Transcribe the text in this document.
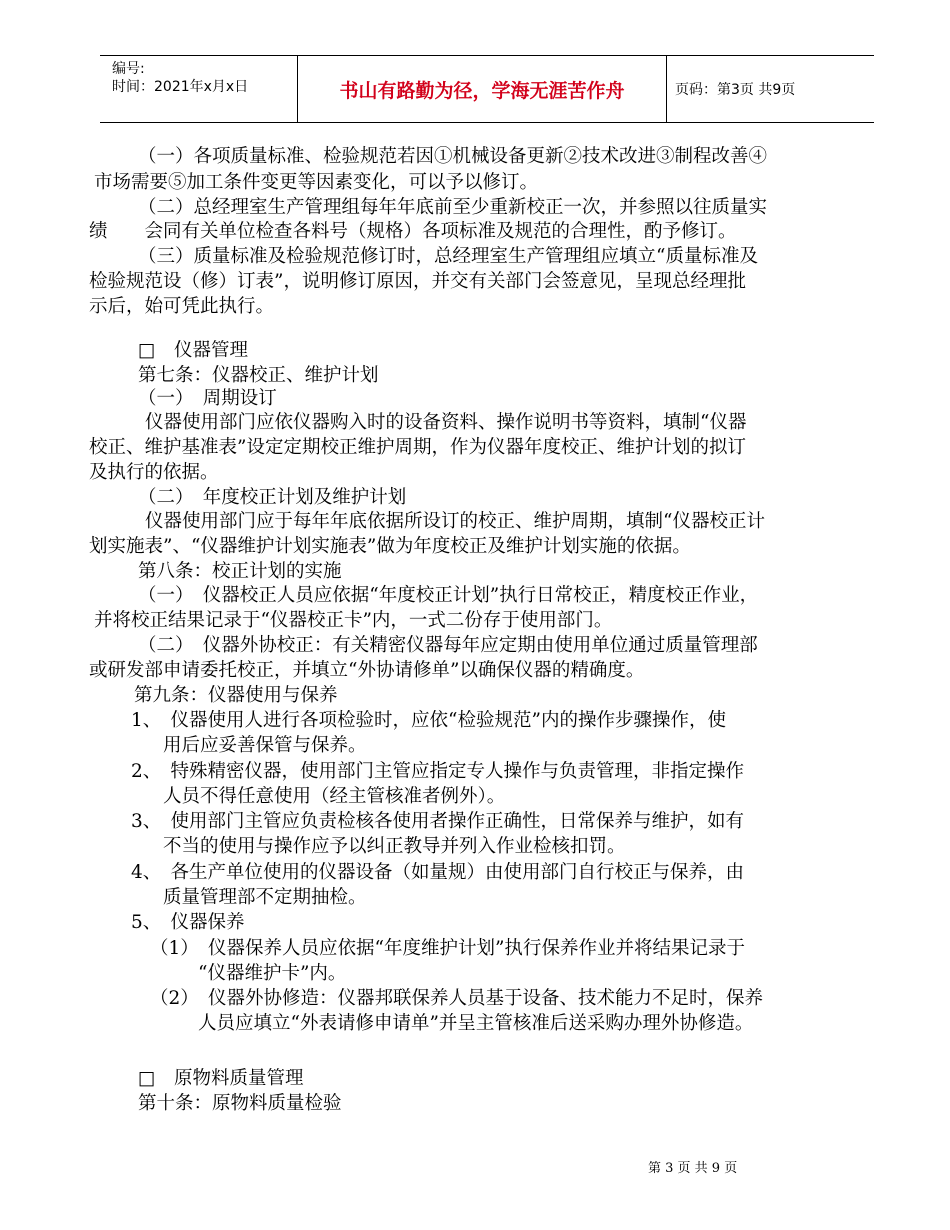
编号:
时间：2021年x月x日	书山有路勤为径，学海无涯苦作舟	页码：第3页 共9页
（一）各项质量标准、检验规范若因①机械设备更新②技术改进③制程改善④
市场需要⑤加工条件变更等因素变化，可以予以修订。
（二）总经理室生产管理组每年年底前至少重新校正一次，并参照以往质量实
绩　　会同有关单位检查各料号（规格）各项标准及规范的合理性，酌予修订。
（三）质量标准及检验规范修订时，总经理室生产管理组应填立“质量标准及
检验规范设（修）订表”，说明修订原因，并交有关部门会签意见，呈现总经理批
示后，始可凭此执行。
□　仪器管理
第七条：仪器校正、维护计划
（一）　周期设订
仪器使用部门应依仪器购入时的设备资料、操作说明书等资料，填制“仪器
校正、维护基准表”设定定期校正维护周期，作为仪器年度校正、维护计划的拟订
及执行的依据。
（二）　年度校正计划及维护计划
仪器使用部门应于每年年底依据所设订的校正、维护周期，填制“仪器校正计
划实施表”、“仪器维护计划实施表”做为年度校正及维护计划实施的依据。
第八条：校正计划的实施
（一）　仪器校正人员应依据“年度校正计划”执行日常校正，精度校正作业，
并将校正结果记录于“仪器校正卡”内，一式二份存于使用部门。
（二）　仪器外协校正：有关精密仪器每年应定期由使用单位通过质量管理部
或研发部申请委托校正，并填立“外协请修单”以确保仪器的精确度。
第九条：仪器使用与保养
1、　仪器使用人进行各项检验时，应依“检验规范”内的操作步骤操作，使
用后应妥善保管与保养。
2、　特殊精密仪器，使用部门主管应指定专人操作与负责管理，非指定操作
人员不得任意使用（经主管核准者例外）。
3、　使用部门主管应负责检核各使用者操作正确性，日常保养与维护，如有
不当的使用与操作应予以纠正教导并列入作业检核扣罚。
4、　各生产单位使用的仪器设备（如量规）由使用部门自行校正与保养，由
质量管理部不定期抽检。
5、　仪器保养
（1）　仪器保养人员应依据“年度维护计划”执行保养作业并将结果记录于
“仪器维护卡”内。
（2）　仪器外协修造：仪器邦联保养人员基于设备、技术能力不足时，保养
人员应填立“外表请修申请单”并呈主管核准后送采购办理外协修造。
□　原物料质量管理
第十条：原物料质量检验
第 3 页 共 9 页
